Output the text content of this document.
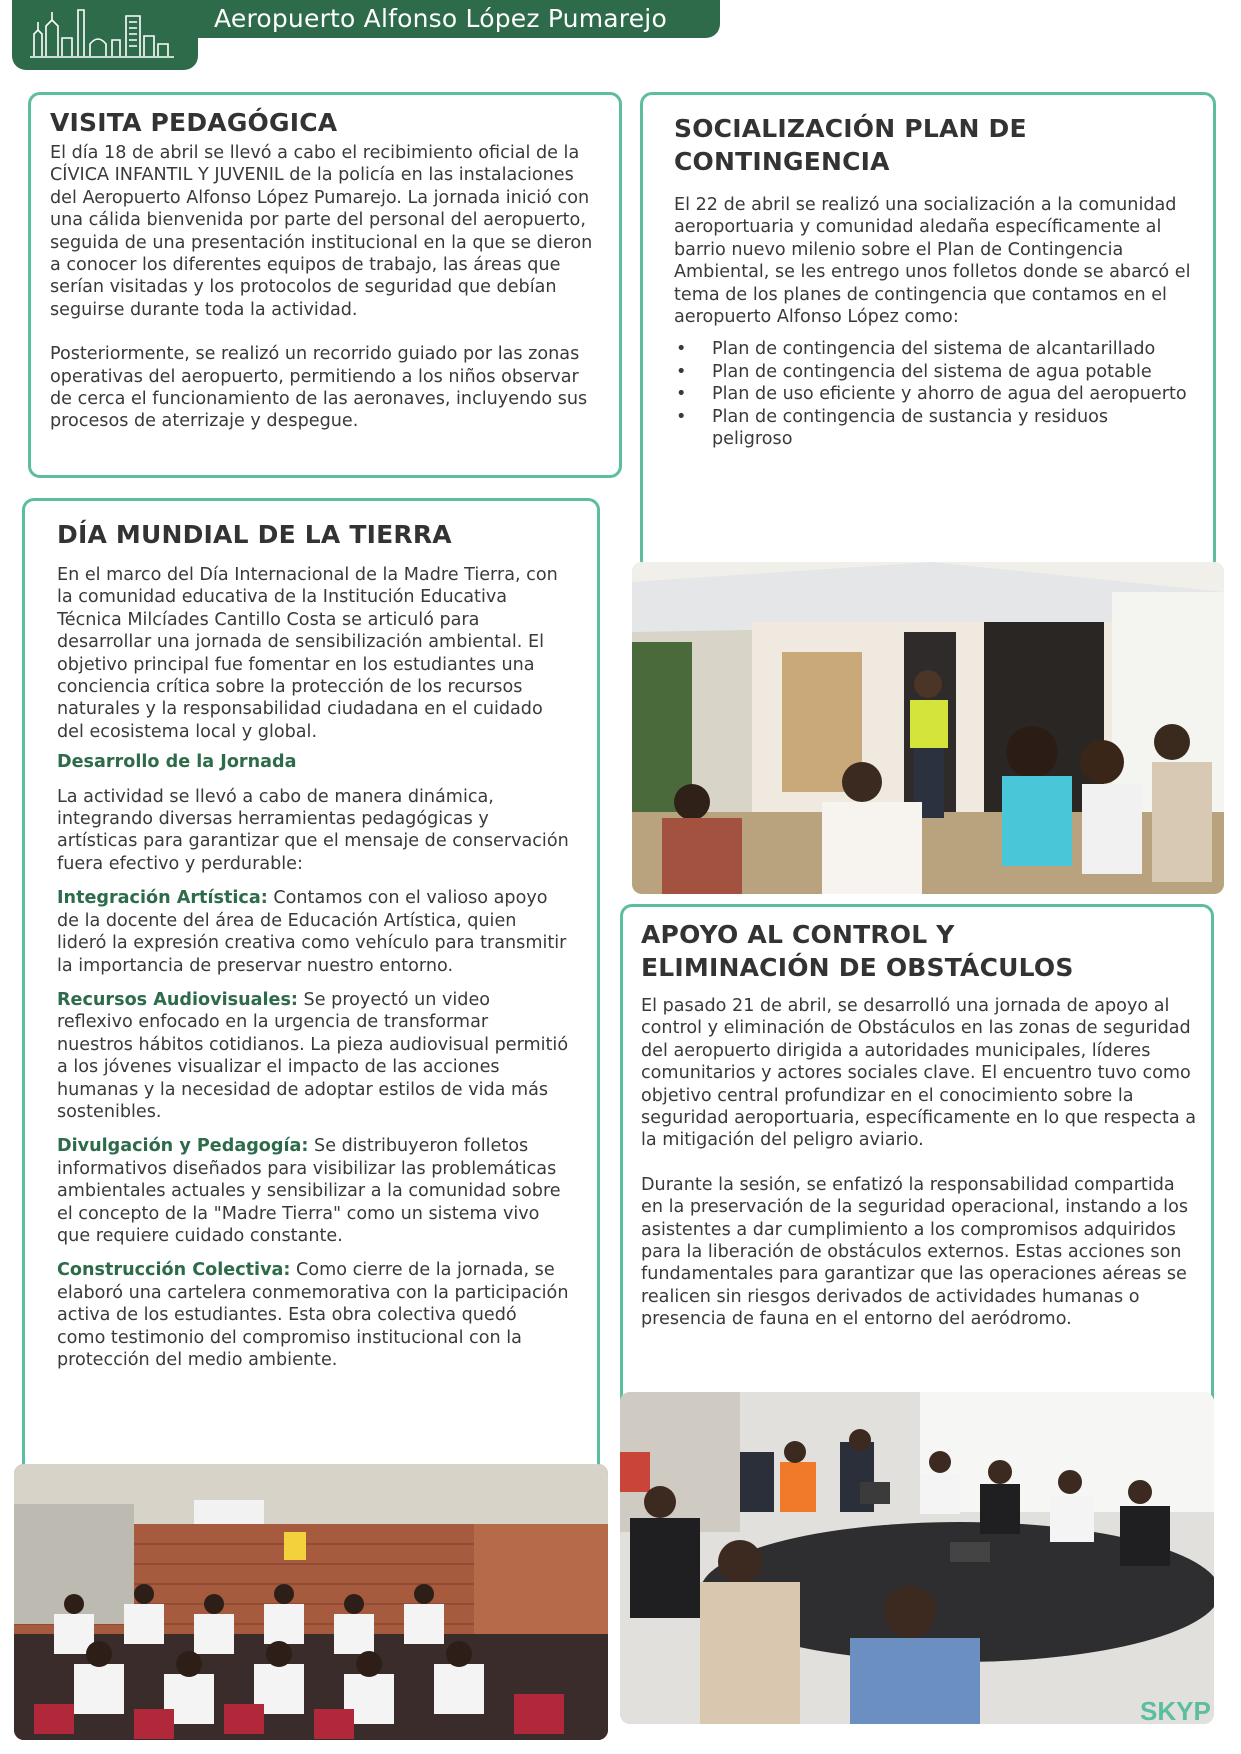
Aeropuerto Alfonso López Pumarejo
VISITA PEDAGÓGICA

El día 18 de abril se llevó a cabo el recibimiento oficial de la CÍVICA INFANTIL Y JUVENIL de la policía en las instalaciones del Aeropuerto Alfonso López Pumarejo. La jornada inició con una cálida bienvenida por parte del personal del aeropuerto, seguida de una presentación institucional en la que se dieron a conocer los diferentes equipos de trabajo, las áreas que serían visitadas y los protocolos de seguridad que debían seguirse durante toda la actividad.

Posteriormente, se realizó un recorrido guiado por las zonas operativas del aeropuerto, permitiendo a los niños observar de cerca el funcionamiento de las aeronaves, incluyendo sus procesos de aterrizaje y despegue.

SOCIALIZACIÓN PLAN DE
CONTINGENCIA

El 22 de abril se realizó una socialización a la comunidad aeroportuaria y comunidad aledaña específicamente al barrio nuevo milenio sobre el Plan de Contingencia Ambiental, se les entrego unos folletos donde se abarcó el tema de los planes de contingencia que contamos en el aeropuerto Alfonso López como:

• Plan de contingencia del sistema de alcantarillado
• Plan de contingencia del sistema de agua potable
• Plan de uso eficiente y ahorro de agua del aeropuerto
• Plan de contingencia de sustancia y residuos peligroso
DÍA MUNDIAL DE LA TIERRA

En el marco del Día Internacional de la Madre Tierra, con la comunidad educativa de la Institución Educativa Técnica Milcíades Cantillo Costa se articuló para desarrollar una jornada de sensibilización ambiental. El objetivo principal fue fomentar en los estudiantes una conciencia crítica sobre la protección de los recursos naturales y la responsabilidad ciudadana en el cuidado del ecosistema local y global.

Desarrollo de la Jornada

La actividad se llevó a cabo de manera dinámica, integrando diversas herramientas pedagógicas y artísticas para garantizar que el mensaje de conservación fuera efectivo y perdurable:

Integración Artística: Contamos con el valioso apoyo de la docente del área de Educación Artística, quien lideró la expresión creativa como vehículo para transmitir la importancia de preservar nuestro entorno.

Recursos Audiovisuales: Se proyectó un video reflexivo enfocado en la urgencia de transformar nuestros hábitos cotidianos. La pieza audiovisual permitió a los jóvenes visualizar el impacto de las acciones humanas y la necesidad de adoptar estilos de vida más sostenibles.

Divulgación y Pedagogía: Se distribuyeron folletos informativos diseñados para visibilizar las problemáticas ambientales actuales y sensibilizar a la comunidad sobre el concepto de la "Madre Tierra" como un sistema vivo que requiere cuidado constante.

Construcción Colectiva: Como cierre de la jornada, se elaboró una cartelera conmemorativa con la participación activa de los estudiantes. Esta obra colectiva quedó como testimonio del compromiso institucional con la protección del medio ambiente.

APOYO AL CONTROL Y
ELIMINACIÓN DE OBSTÁCULOS

El pasado 21 de abril, se desarrolló una jornada de apoyo al control y eliminación de Obstáculos en las zonas de seguridad del aeropuerto dirigida a autoridades municipales, líderes comunitarios y actores sociales clave. El encuentro tuvo como objetivo central profundizar en el conocimiento sobre la seguridad aeroportuaria, específicamente en lo que respecta a la mitigación del peligro aviario.

Durante la sesión, se enfatizó la responsabilidad compartida en la preservación de la seguridad operacional, instando a los asistentes a dar cumplimiento a los compromisos adquiridos para la liberación de obstáculos externos. Estas acciones son fundamentales para garantizar que las operaciones aéreas se realicen sin riesgos derivados de actividades humanas o presencia de fauna en el entorno del aeródromo.

SKYP
